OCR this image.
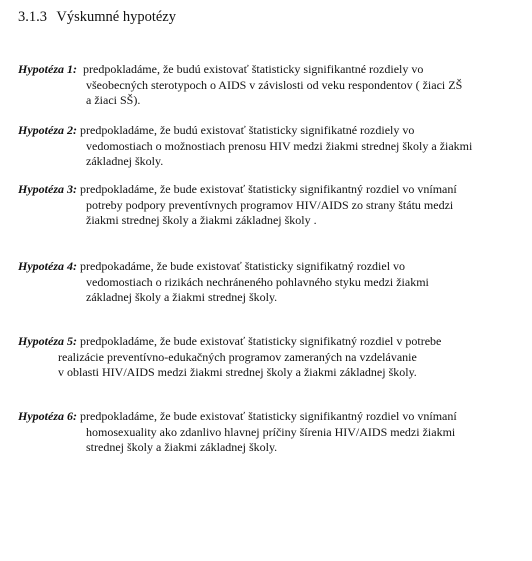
3.1.3 Výskumné hypotézy
Hypotéza 1:  predpokladáme, že budú existovať štatisticky signifikantné rozdiely vo
všeobecných sterotypoch o AIDS v závislosti od veku respondentov ( žiaci ZŠ
a žiaci SŠ).
Hypotéza 2: predpokladáme, že budú existovať štatisticky signifikatné rozdiely vo
vedomostiach o možnostiach prenosu HIV medzi žiakmi strednej školy a žiakmi
základnej školy.
Hypotéza 3: predpokladáme, že bude existovať štatisticky signifikantný rozdiel vo vnímaní
potreby podpory preventívnych programov HIV/AIDS zo strany štátu medzi
žiakmi strednej školy a žiakmi základnej školy .
Hypotéza 4: predpokadáme, že bude existovať štatisticky signifikatný rozdiel vo
vedomostiach o rizikách nechráneného pohlavného styku medzi žiakmi
základnej školy a žiakmi strednej školy.
Hypotéza 5: predpokladáme, že bude existovať štatisticky signifikatný rozdiel v potrebe
realizácie preventívno-edukačných programov zameraných na vzdelávanie
v oblasti HIV/AIDS medzi žiakmi strednej školy a žiakmi základnej školy.
Hypotéza 6: predpokladáme, že bude existovať štatisticky signifikantný rozdiel vo vnímaní
homosexuality ako zdanlivo hlavnej príčiny šírenia HIV/AIDS medzi žiakmi
strednej školy a žiakmi základnej školy.
